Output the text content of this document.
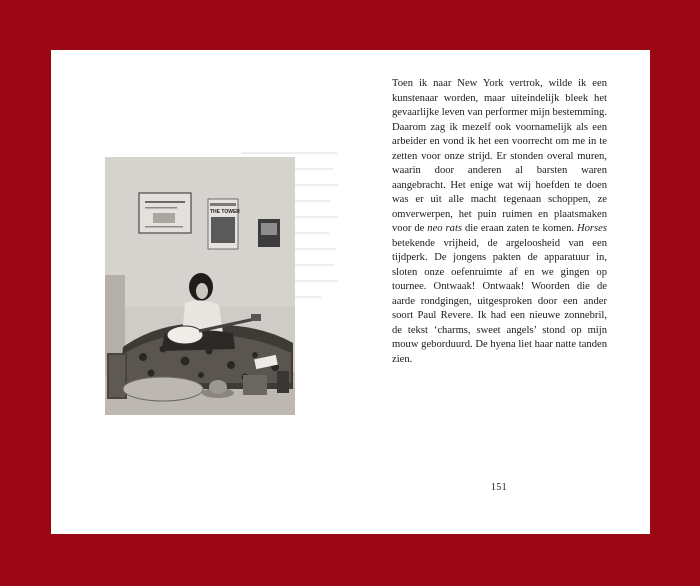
THE TOWER

Toen ik naar New York vertrok, wilde ik een kunstenaar worden, maar uiteindelijk bleek het gevaarlijke leven van performer mijn bestemming. Daarom zag ik mezelf ook voornamelijk als een arbeider en vond ik het een voorrecht om me in te zetten voor onze strijd. Er stonden overal muren, waarin door anderen al barsten waren aangebracht. Het enige wat wij hoefden te doen was er uit alle macht tegenaan schoppen, ze omverwerpen, het puin ruimen en plaatsmaken voor de neo rats die eraan zaten te komen. Horses betekende vrijheid, de argeloosheid van een tijdperk. De jongens pakten de apparatuur in, sloten onze oefenruimte af en we gingen op tournee. Ontwaak! Ontwaak! Woorden die de aarde rondgingen, uitgesproken door een ander soort Paul Revere. Ik had een nieuwe zonnebril, de tekst ‘charms, sweet angels’ stond op mijn mouw geborduurd. De hyena liet haar natte tanden zien.

151
